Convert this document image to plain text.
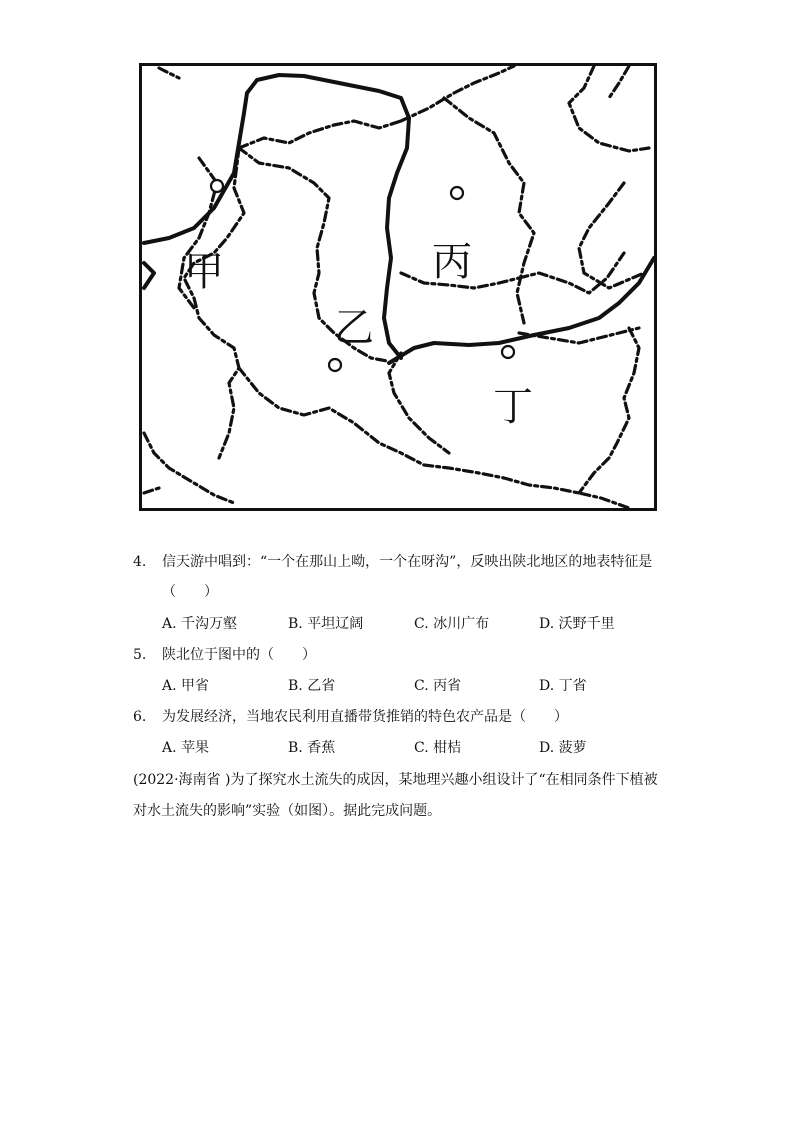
甲
乙
丙
丁
4. 信天游中唱到：“一个在那山上呦，一个在呀沟”，反映出陕北地区的地表特征是
（　　）
A. 千沟万壑	B. 平坦辽阔	C. 冰川广布	D. 沃野千里
5. 陕北位于图中的（　　）
A. 甲省	B. 乙省	C. 丙省	D. 丁省
6. 为发展经济，当地农民利用直播带货推销的特色农产品是（　　）
A. 苹果	B. 香蕉	C. 柑桔	D. 菠萝
(2022·海南省 )为了探究水土流失的成因，某地理兴趣小组设计了“在相同条件下植被
对水土流失的影响”实验（如图）。据此完成问题。
